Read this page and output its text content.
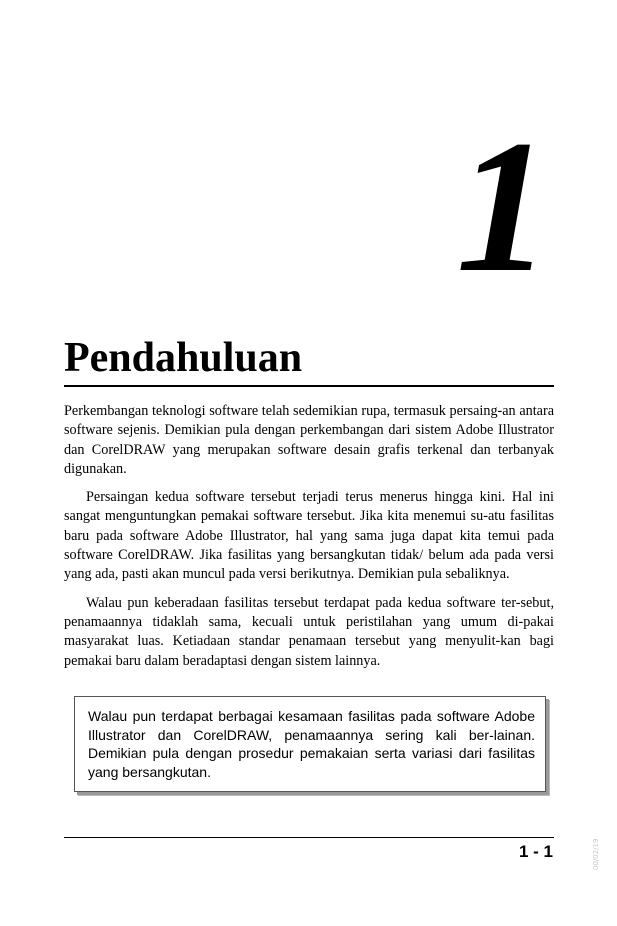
1
Pendahuluan

Perkembangan teknologi software telah sedemikian rupa, termasuk persaing-an antara software sejenis. Demikian pula dengan perkembangan dari sistem Adobe Illustrator dan CorelDRAW yang merupakan software desain grafis terkenal dan terbanyak digunakan.

Persaingan kedua software tersebut terjadi terus menerus hingga kini. Hal ini sangat menguntungkan pemakai software tersebut. Jika kita menemui su-atu fasilitas baru pada software Adobe Illustrator, hal yang sama juga dapat kita temui pada software CorelDRAW. Jika fasilitas yang bersangkutan tidak/ belum ada pada versi yang ada, pasti akan muncul pada versi berikutnya. Demikian pula sebaliknya.

Walau pun keberadaan fasilitas tersebut terdapat pada kedua software ter-sebut, penamaannya tidaklah sama, kecuali untuk peristilahan yang umum di-pakai masyarakat luas. Ketiadaan standar penamaan tersebut yang menyulit-kan bagi pemakai baru dalam beradaptasi dengan sistem lainnya.

Walau pun terdapat berbagai kesamaan fasilitas pada software Adobe Illustrator dan CorelDRAW, penamaannya sering kali ber-lainan. Demikian pula dengan prosedur pemakaian serta variasi dari fasilitas yang bersangkutan.
1 - 1	00/02/19
